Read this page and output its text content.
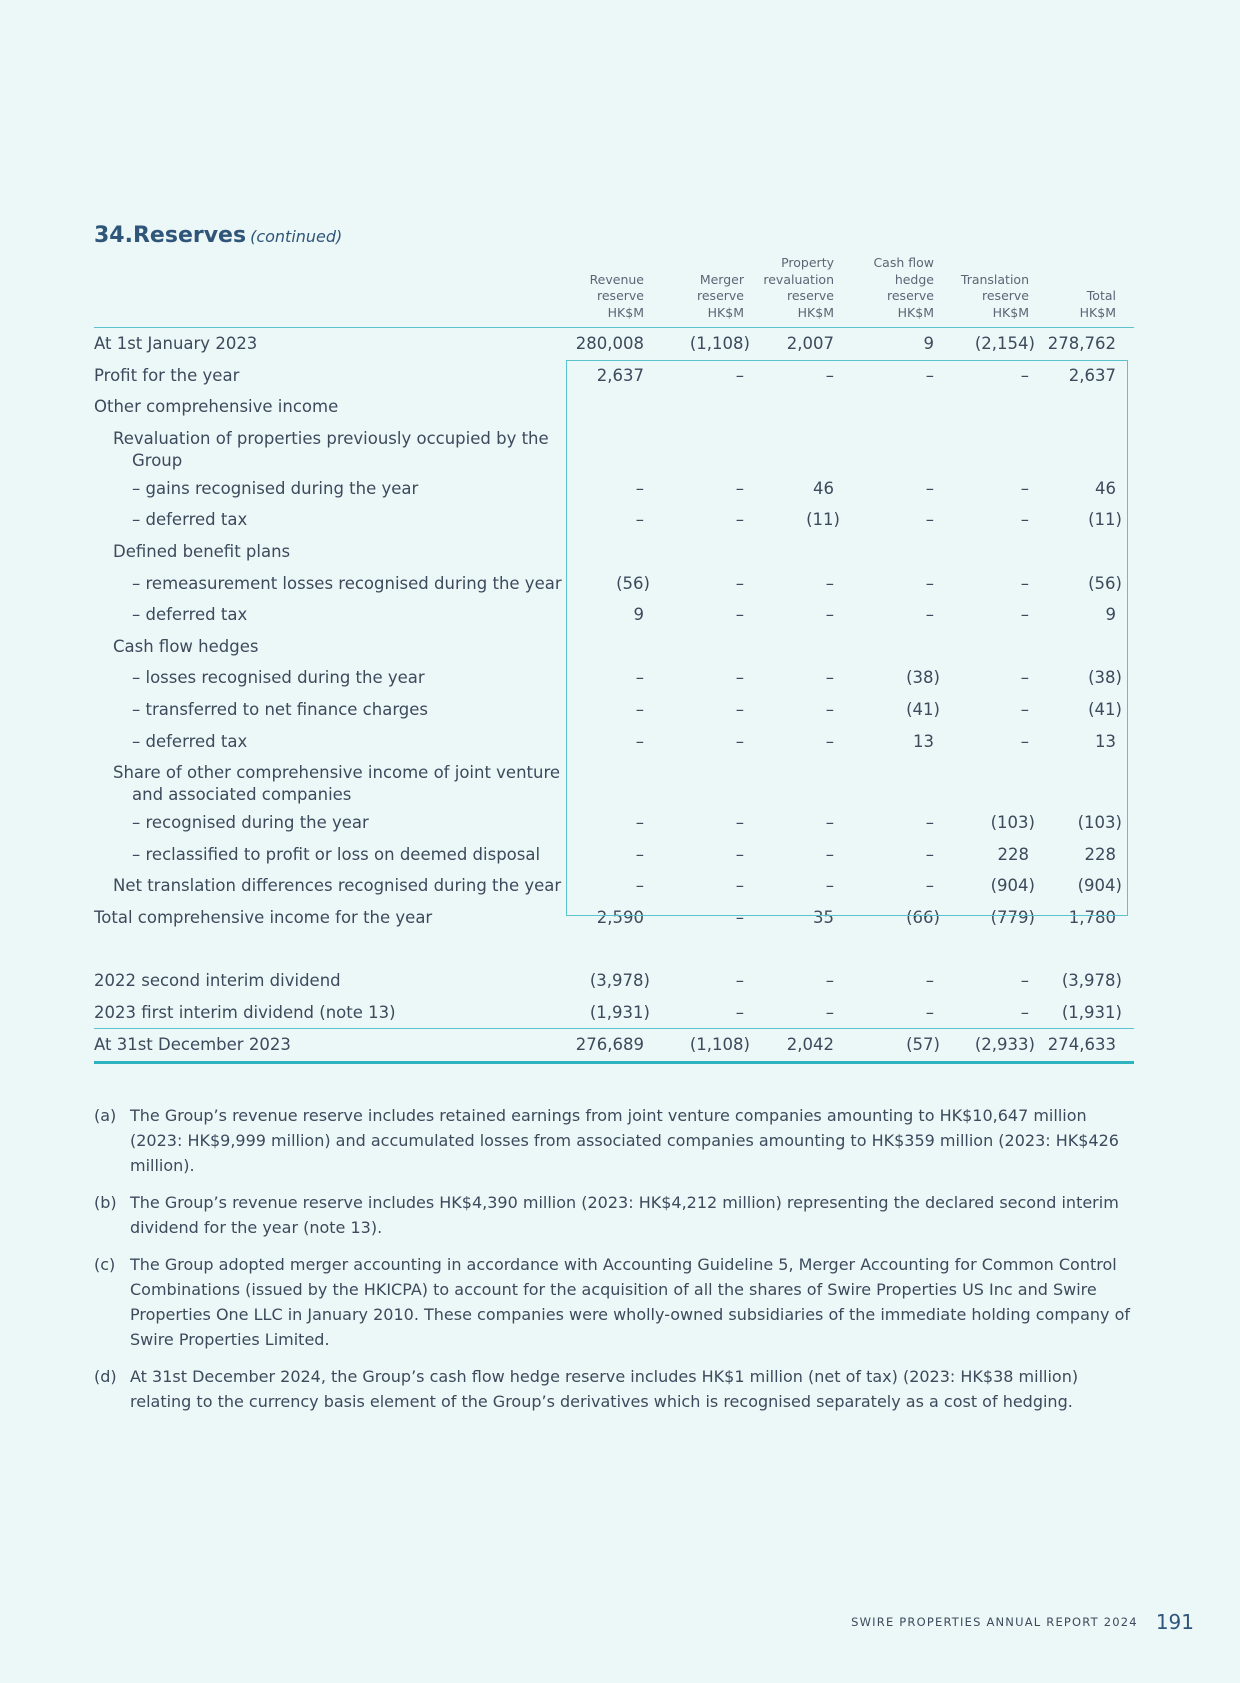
34.Reserves (continued)
Revenue
reserve
HK$M
Merger
reserve
HK$M
Property
revaluation
reserve
HK$M
Cash flow
hedge
reserve
HK$M
Translation
reserve
HK$M
Total
HK$M
At 1st January 2023	280,008	(1,108)	2,007	9	(2,154) 278,762
Profit for the year	2,637	–	–	–	–	2,637
Other comprehensive income
Revaluation of properties previously occupied by the Group
– gains recognised during the year	–	–	46	–	–	46
– deferred tax	–	–	(11)	–	–	(11)
Defined benefit plans
– remeasurement losses recognised during the year	(56)	–	–	–	–	(56)
– deferred tax	9	–	–	–	–	9
Cash flow hedges
– losses recognised during the year	–	–	–	(38)	–	(38)
– transferred to net finance charges	–	–	–	(41)	–	(41)
– deferred tax	–	–	–	13	–	13
Share of other comprehensive income of joint venture and associated companies
– recognised during the year	–	–	–	–	(103)	(103)
– reclassified to profit or loss on deemed disposal	–	–	–	–	228	228
Net translation differences recognised during the year	–	–	–	–	(904)	(904)
Total comprehensive income for the year	2,590	–	35	(66)	(779)	1,780
2022 second interim dividend	(3,978)	–	–	–	–	(3,978)
2023 first interim dividend (note 13)	(1,931)	–	–	–	–	(1,931)
At 31st December 2023	276,689	(1,108)	2,042	(57)	(2,933) 274,633
(a) The Group’s revenue reserve includes retained earnings from joint venture companies amounting to HK$10,647 million (2023: HK$9,999 million) and accumulated losses from associated companies amounting to HK$359 million (2023: HK$426 million).
(b) The Group’s revenue reserve includes HK$4,390 million (2023: HK$4,212 million) representing the declared second interim dividend for the year (note 13).
(c) The Group adopted merger accounting in accordance with Accounting Guideline 5, Merger Accounting for Common Control Combinations (issued by the HKICPA) to account for the acquisition of all the shares of Swire Properties US Inc and Swire Properties One LLC in January 2010. These companies were wholly-owned subsidiaries of the immediate holding company of Swire Properties Limited.
(d) At 31st December 2024, the Group’s cash flow hedge reserve includes HK$1 million (net of tax) (2023: HK$38 million) relating to the currency basis element of the Group’s derivatives which is recognised separately as a cost of hedging.
SWIRE PROPERTIES ANNUAL REPORT 2024 191
